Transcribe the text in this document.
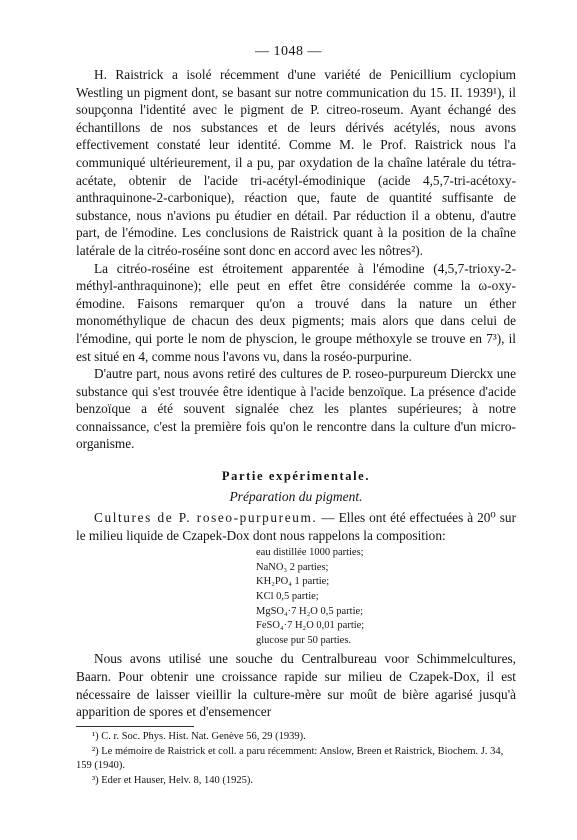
— 1048 —

H. Raistrick a isolé récemment d'une variété de Penicillium cyclopium Westling un pigment dont, se basant sur notre communication du 15. II. 1939¹), il soupçonna l'identité avec le pigment de P. citreo-roseum. Ayant échangé des échantillons de nos substances et de leurs dérivés acétylés, nous avons effectivement constaté leur identité. Comme M. le Prof. Raistrick nous l'a communiqué ultérieurement, il a pu, par oxydation de la chaîne latérale du tétra-acétate, obtenir de l'acide tri-acétyl-émodinique (acide 4,5,7-tri-acétoxy-anthraquinone-2-carbonique), réaction que, faute de quantité suffisante de substance, nous n'avions pu étudier en détail. Par réduction il a obtenu, d'autre part, de l'émodine. Les conclusions de Raistrick quant à la position de la chaîne latérale de la citréo-roséine sont donc en accord avec les nôtres²).

La citréo-roséine est étroitement apparentée à l'émodine (4,5,7-trioxy-2-méthyl-anthraquinone); elle peut en effet être considérée comme la ω-oxy-émodine. Faisons remarquer qu'on a trouvé dans la nature un éther monométhylique de chacun des deux pigments; mais alors que dans celui de l'émodine, qui porte le nom de physcion, le groupe méthoxyle se trouve en 7³), il est situé en 4, comme nous l'avons vu, dans la roséo-purpurine.

D'autre part, nous avons retiré des cultures de P. roseo-purpureum Dierckx une substance qui s'est trouvée être identique à l'acide benzoïque. La présence d'acide benzoïque a été souvent signalée chez les plantes supérieures; à notre connaissance, c'est la première fois qu'on le rencontre dans la culture d'un micro-organisme.

Partie expérimentale.
Préparation du pigment.

Cultures de P. roseo-purpureum. — Elles ont été effectuées à 20⁰ sur le milieu liquide de Czapek-Dox dont nous rappelons la composition:

eau distillée 1000 parties;
NaNO₃ 2 parties;
KH₂PO₄ 1 partie;
KCl 0,5 partie;
MgSO₄·7 H₂O 0,5 partie;
FeSO₄·7 H₂O 0,01 partie;
glucose pur 50 parties.

Nous avons utilisé une souche du Centralbureau voor Schimmelcultures, Baarn. Pour obtenir une croissance rapide sur milieu de Czapek-Dox, il est nécessaire de laisser vieillir la culture-mère sur moût de bière agarisé jusqu'à apparition de spores et d'ensemencer

¹) C. r. Soc. Phys. Hist. Nat. Genève 56, 29 (1939).
²) Le mémoire de Raistrick et coll. a paru récemment: Anslow, Breen et Raistrick, Biochem. J. 34, 159 (1940).
³) Eder et Hauser, Helv. 8, 140 (1925).
